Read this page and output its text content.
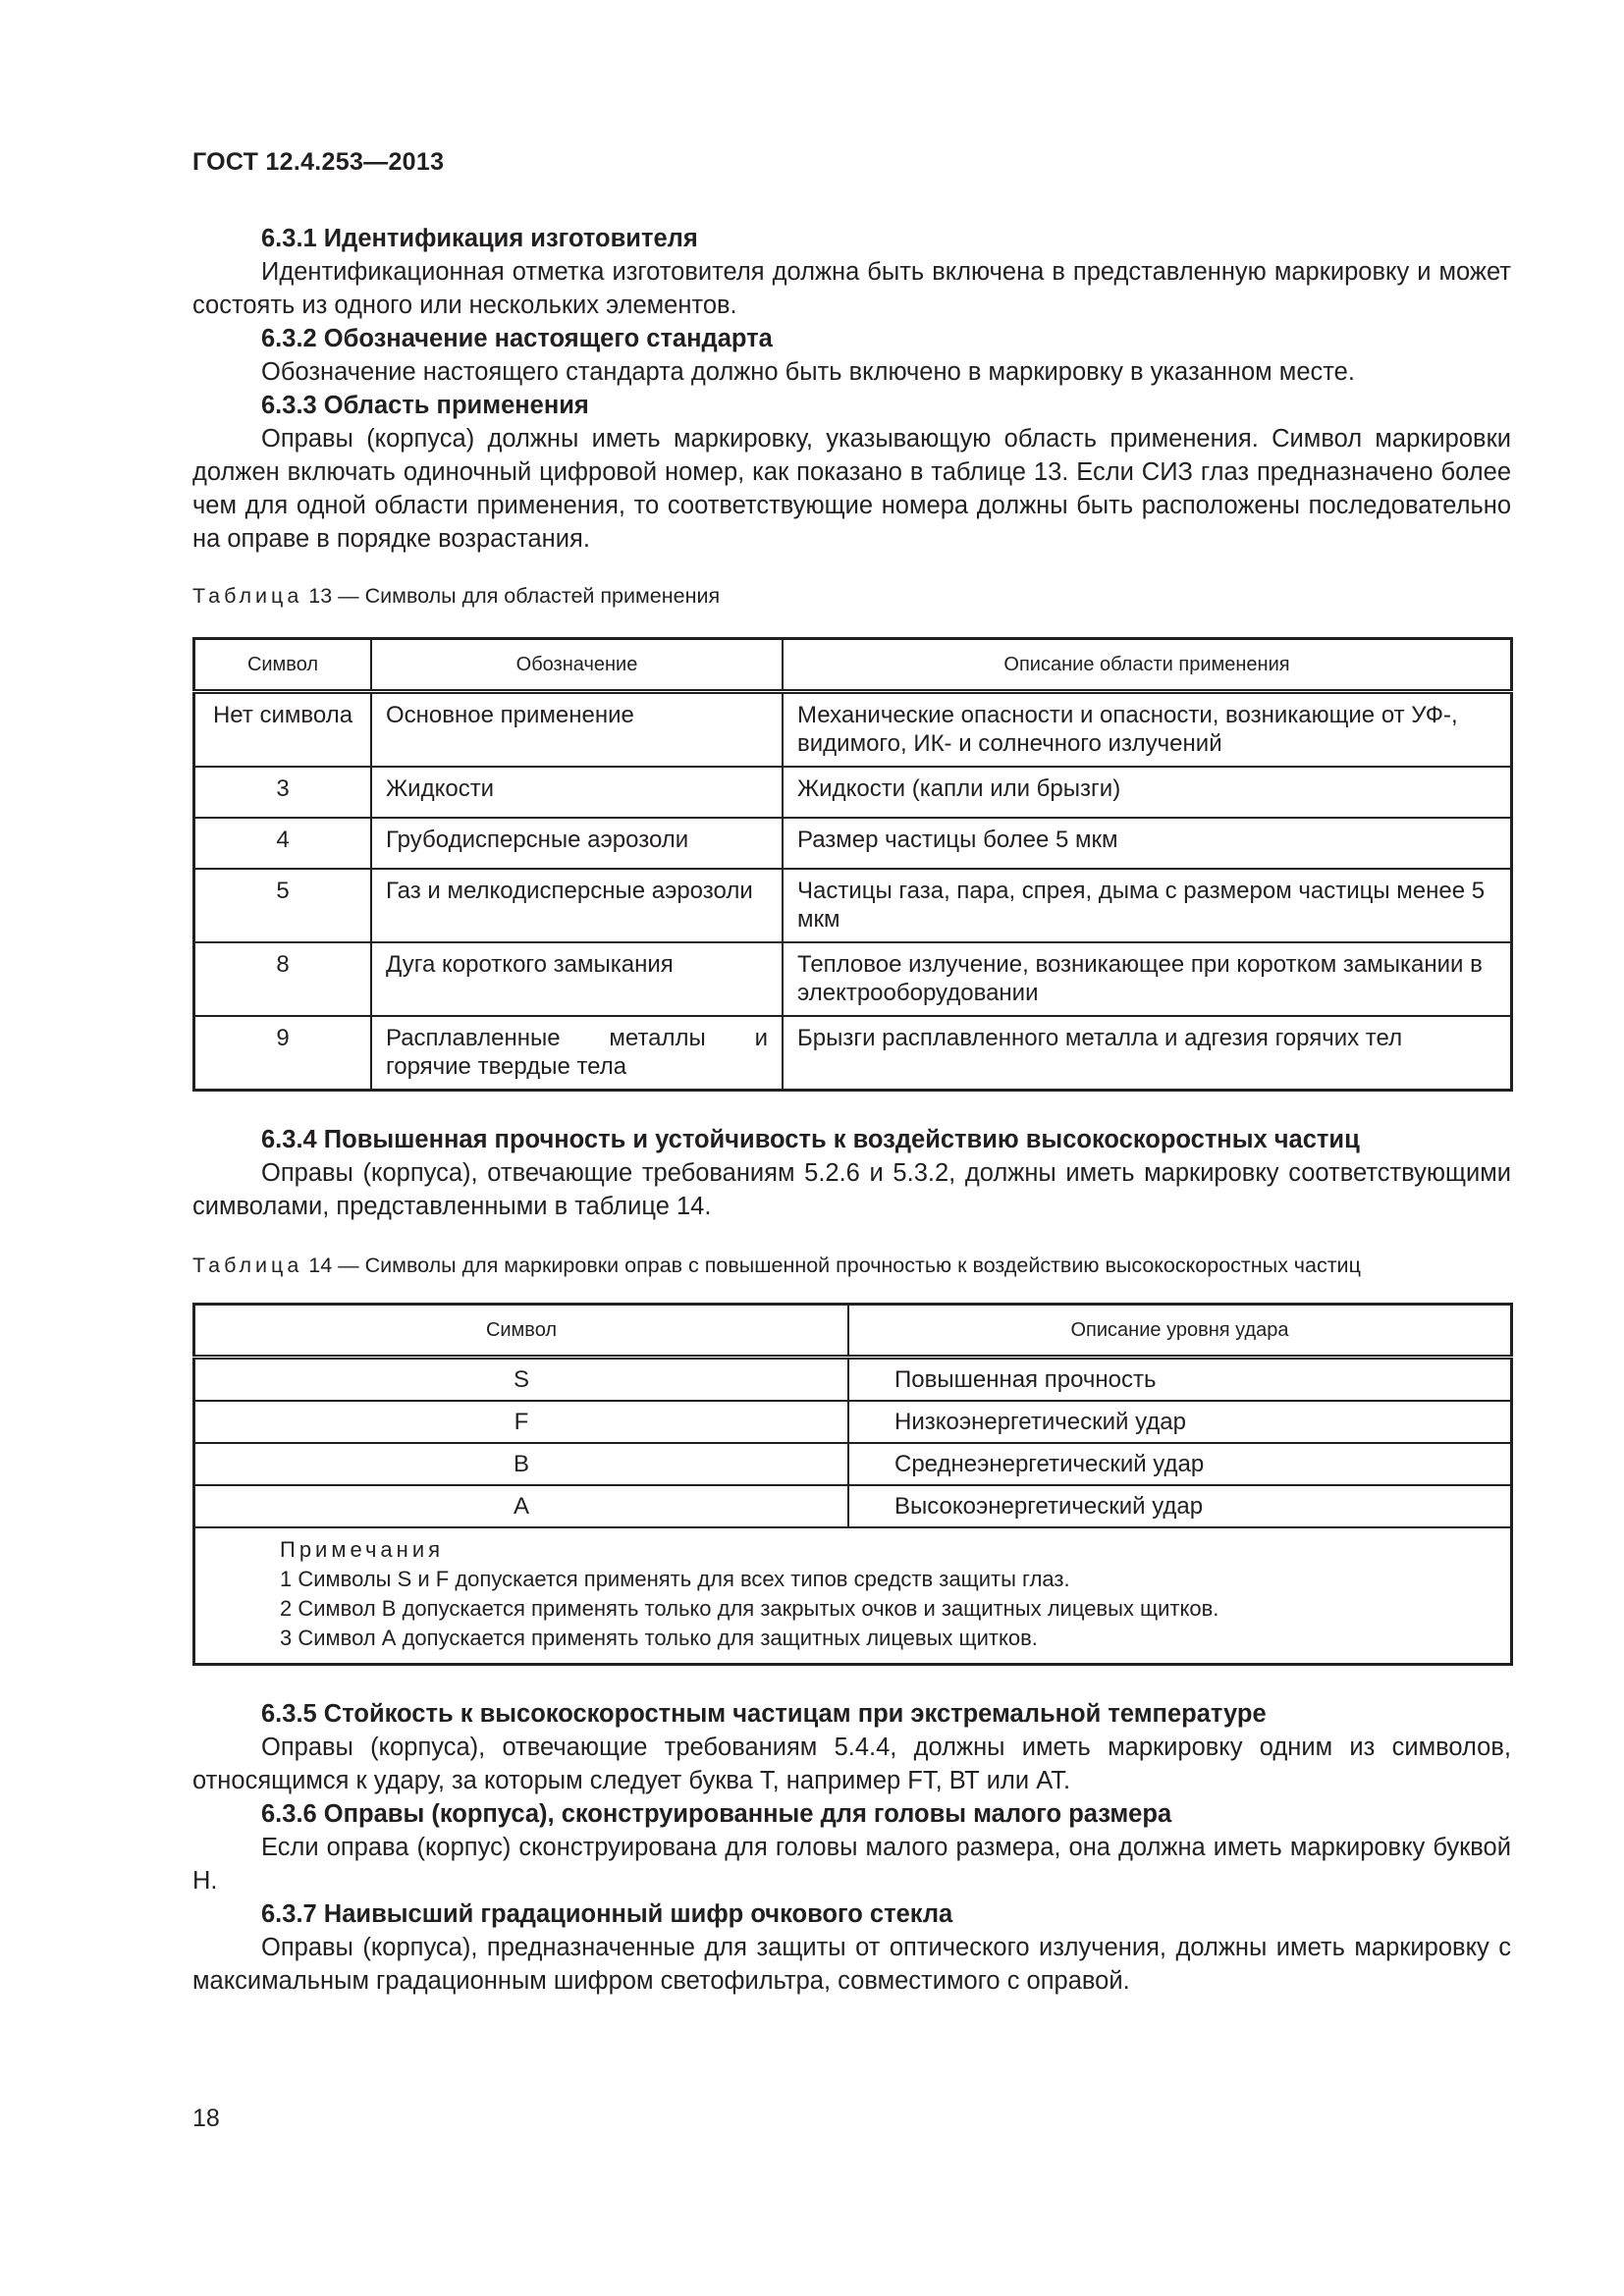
ГОСТ 12.4.253—2013

6.3.1 Идентификация изготовителя

Идентификационная отметка изготовителя должна быть включена в представленную маркировку и может состоять из одного или нескольких элементов.

6.3.2 Обозначение настоящего стандарта

Обозначение настоящего стандарта должно быть включено в маркировку в указанном месте.

6.3.3 Область применения

Оправы (корпуса) должны иметь маркировку, указывающую область применения. Символ маркировки должен включать одиночный цифровой номер, как показано в таблице 13. Если СИЗ глаз предназначено более чем для одной области применения, то соответствующие номера должны быть расположены последовательно на оправе в порядке возрастания.

Таблица 13 — Символы для областей применения

Символ	Обозначение	Описание области применения
Нет символа	Основное применение	Механические опасности и опасности, возникающие от УФ-, видимого, ИК- и солнечного излучений
3	Жидкости	Жидкости (капли или брызги)
4	Грубодисперсные аэрозоли	Размер частицы более 5 мкм
5	Газ и мелкодисперсные аэрозоли	Частицы газа, пара, спрея, дыма с размером частицы менее 5 мкм
8	Дуга короткого замыкания	Тепловое излучение, возникающее при коротком замыкании в электрооборудовании
9	Расплавленные металлы и горячие твердые тела	Брызги расплавленного металла и адгезия горячих тел

6.3.4 Повышенная прочность и устойчивость к воздействию высокоскоростных частиц

Оправы (корпуса), отвечающие требованиям 5.2.6 и 5.3.2, должны иметь маркировку соответствующими символами, представленными в таблице 14.

Таблица 14 — Символы для маркировки оправ с повышенной прочностью к воздействию высокоскоростных частиц

Символ	Описание уровня удара
S	Повышенная прочность
F	Низкоэнергетический удар
В	Среднеэнергетический удар
А	Высокоэнергетический удар

Примечания
1 Символы S и F допускается применять для всех типов средств защиты глаз.
2 Символ В допускается применять только для закрытых очков и защитных лицевых щитков.
3 Символ А допускается применять только для защитных лицевых щитков.	

6.3.5 Стойкость к высокоскоростным частицам при экстремальной температуре

Оправы (корпуса), отвечающие требованиям 5.4.4, должны иметь маркировку одним из символов, относящимся к удару, за которым следует буква Т, например FT, ВТ или АТ.

6.3.6 Оправы (корпуса), сконструированные для головы малого размера

Если оправа (корпус) сконструирована для головы малого размера, она должна иметь маркировку буквой Н.

6.3.7 Наивысший градационный шифр очкового стекла

Оправы (корпуса), предназначенные для защиты от оптического излучения, должны иметь маркировку с максимальным градационным шифром светофильтра, совместимого с оправой.

18
